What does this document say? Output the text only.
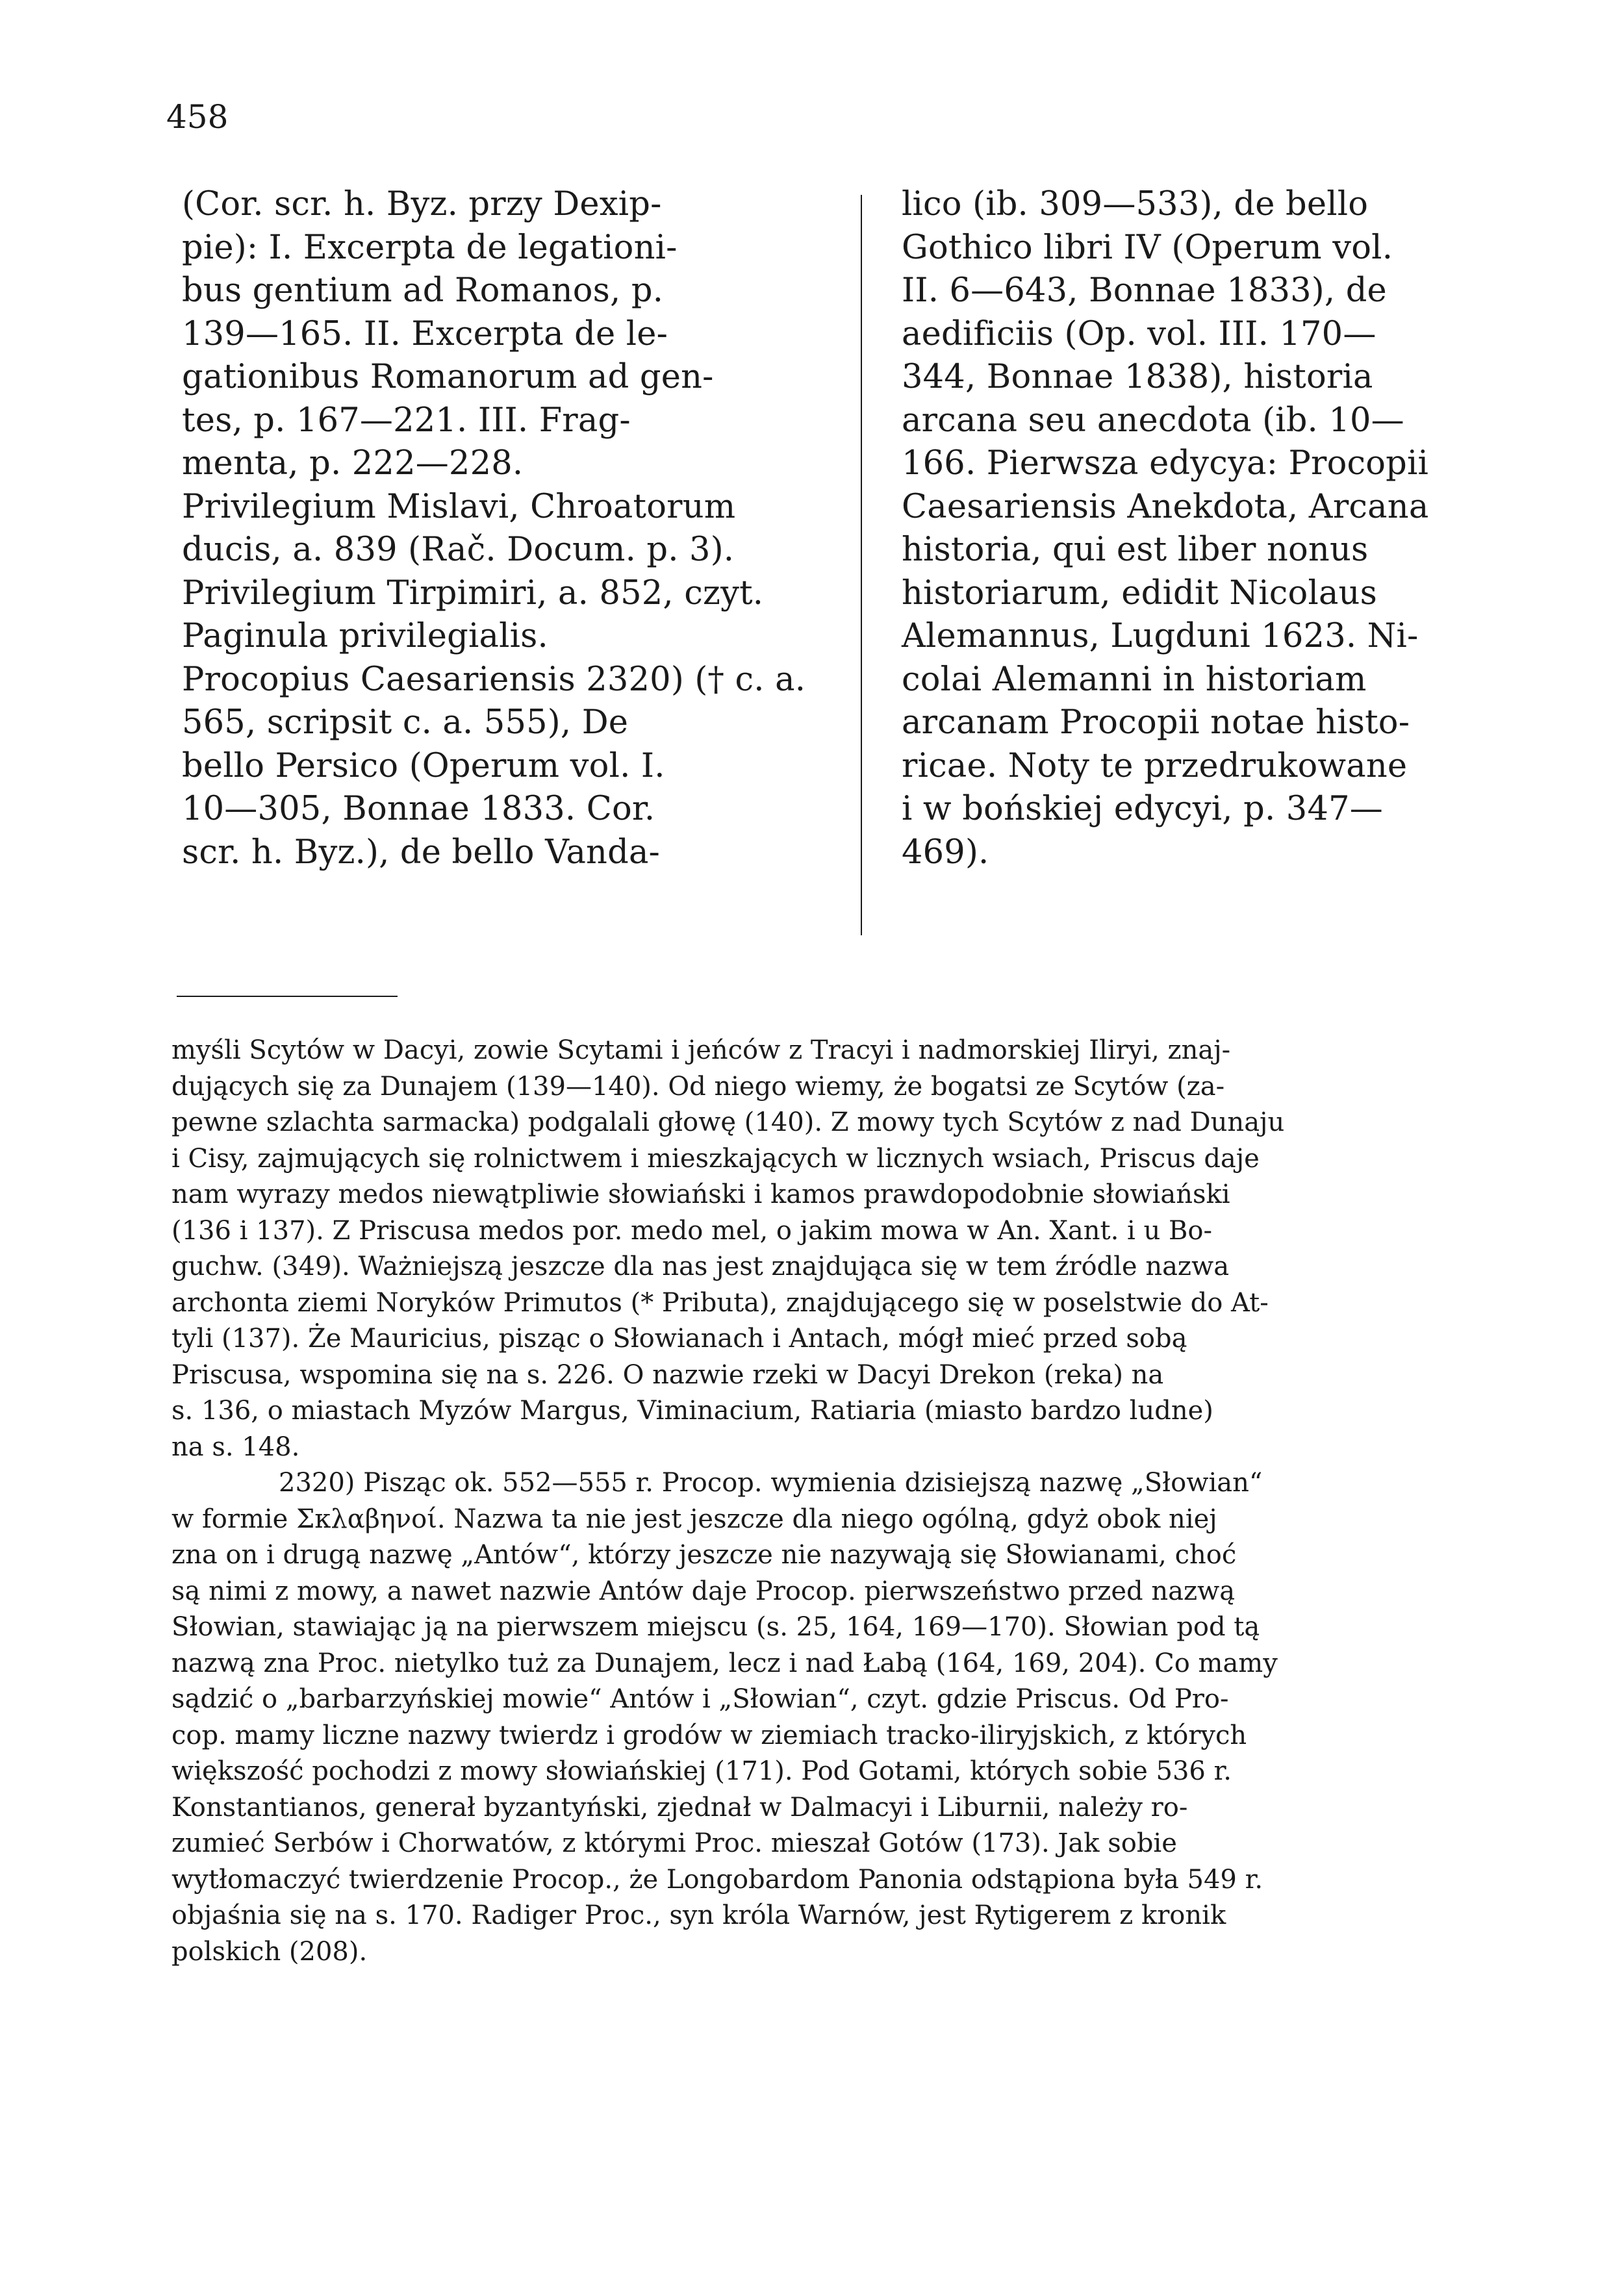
458
(Cor. scr. h. Byz. przy Dexip-
pie): I. Excerpta de legationi-
bus gentium ad Romanos, p.
139—165. II. Excerpta de le-
gationibus Romanorum ad gen-
tes, p. 167—221. III. Frag-
menta, p. 222—228.
Privilegium Mislavi, Chroatorum
ducis, a. 839 (Rač. Docum. p. 3).
Privilegium Tirpimiri, a. 852, czyt.
Paginula privilegialis.
Procopius Caesariensis 2320) († c. a.
565, scripsit c. a. 555), De
bello Persico (Operum vol. I.
10—305, Bonnae 1833. Cor.
scr. h. Byz.), de bello Vanda-
lico (ib. 309—533), de bello
Gothico libri IV (Operum vol.
II. 6—643, Bonnae 1833), de
aedificiis (Op. vol. III. 170—
344, Bonnae 1838), historia
arcana seu anecdota (ib. 10—
166. Pierwsza edycya: Procopii
Caesariensis Anekdota, Arcana
historia, qui est liber nonus
historiarum, edidit Nicolaus
Alemannus, Lugduni 1623. Ni-
colai Alemanni in historiam
arcanam Procopii notae histo-
ricae. Noty te przedrukowane
i w bońskiej edycyi, p. 347—
469).
myśli Scytów w Dacyi, zowie Scytami i jeńców z Tracyi i nadmorskiej Iliryi, znaj-
dujących się za Dunajem (139—140). Od niego wiemy, że bogatsi ze Scytów (za-
pewne szlachta sarmacka) podgalali głowę (140). Z mowy tych Scytów z nad Dunaju
i Cisy, zajmujących się rolnictwem i mieszkających w licznych wsiach, Priscus daje
nam wyrazy medos niewątpliwie słowiański i kamos prawdopodobnie słowiański
(136 i 137). Z Priscusa medos por. medo mel, o jakim mowa w An. Xant. i u Bo-
guchw. (349). Ważniejszą jeszcze dla nas jest znajdująca się w tem źródle nazwa
archonta ziemi Noryków Primutos (* Pributa), znajdującego się w poselstwie do At-
tyli (137). Że Mauricius, pisząc o Słowianach i Antach, mógł mieć przed sobą
Priscusa, wspomina się na s. 226. O nazwie rzeki w Dacyi Drekon (reka) na
s. 136, o miastach Myzów Margus, Viminacium, Ratiaria (miasto bardzo ludne)
na s. 148.
2320) Pisząc ok. 552—555 r. Procop. wymienia dzisiejszą nazwę „Słowian“
w formie Σκλαβηνοί. Nazwa ta nie jest jeszcze dla niego ogólną, gdyż obok niej
zna on i drugą nazwę „Antów“, którzy jeszcze nie nazywają się Słowianami, choć
są nimi z mowy, a nawet nazwie Antów daje Procop. pierwszeństwo przed nazwą
Słowian, stawiając ją na pierwszem miejscu (s. 25, 164, 169—170). Słowian pod tą
nazwą zna Proc. nietylko tuż za Dunajem, lecz i nad Łabą (164, 169, 204). Co mamy
sądzić o „barbarzyńskiej mowie“ Antów i „Słowian“, czyt. gdzie Priscus. Od Pro-
cop. mamy liczne nazwy twierdz i grodów w ziemiach tracko-iliryjskich, z których
większość pochodzi z mowy słowiańskiej (171). Pod Gotami, których sobie 536 r.
Konstantianos, generał byzantyński, zjednał w Dalmacyi i Liburnii, należy ro-
zumieć Serbów i Chorwatów, z którymi Proc. mieszał Gotów (173). Jak sobie
wytłomaczyć twierdzenie Procop., że Longobardom Panonia odstąpiona była 549 r.
objaśnia się na s. 170. Radiger Proc., syn króla Warnów, jest Rytigerem z kronik
polskich (208).
